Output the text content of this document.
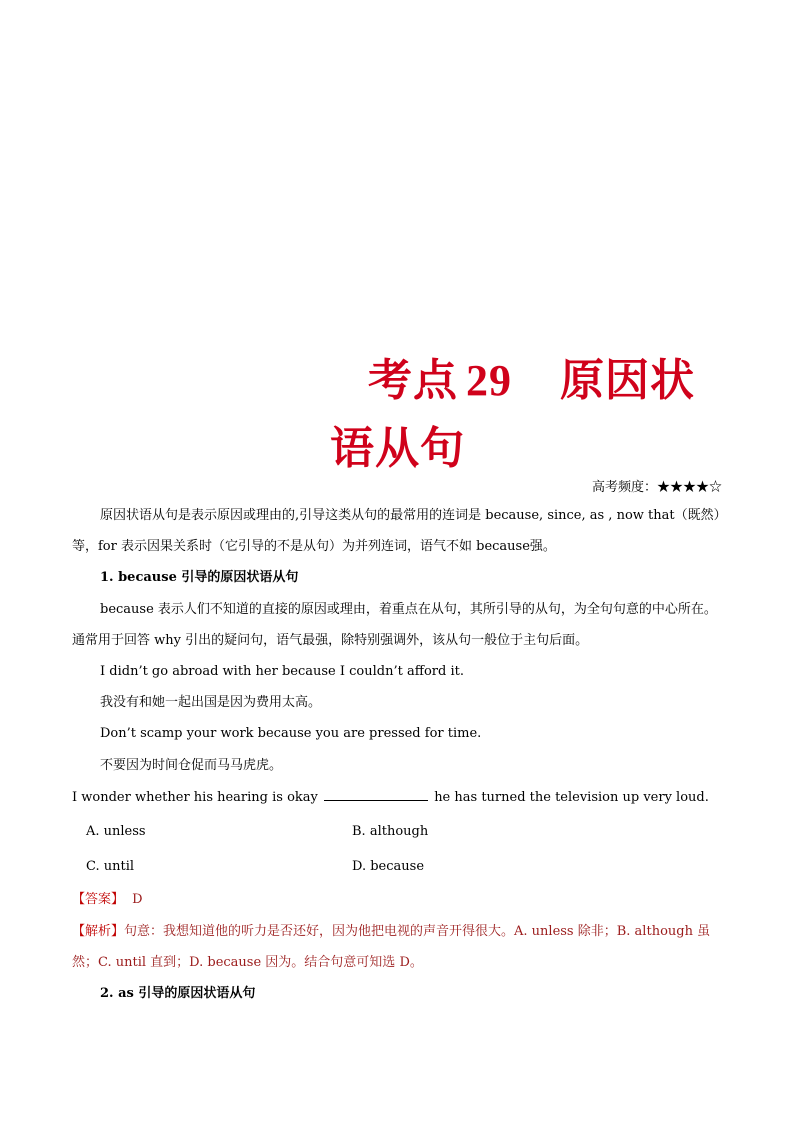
考点 29 原因状
语从句
高考频度：★★★★☆
原因状语从句是表示原因或理由的,引导这类从句的最常用的连词是 because, since, as , now that（既然）等，for 表示因果关系时（它引导的不是从句）为并列连词，语气不如 because强。
1. because 引导的原因状语从句
because 表示人们不知道的直接的原因或理由，着重点在从句，其所引导的从句，为全句句意的中心所在。通常用于回答 why 引出的疑问句，语气最强，除特别强调外，该从句一般位于主句后面。
I didn’t go abroad with her because I couldn’t afford it.
我没有和她一起出国是因为费用太高。
Don’t scamp your work because you are pressed for time.
不要因为时间仓促而马马虎虎。
I wonder whether his hearing is okay	he has turned the television up very loud.
A. unless	B. although
C. until	D. because
【答案】 D
【解析】句意：我想知道他的听力是否还好，因为他把电视的声音开得很大。A. unless 除非；B. although 虽然；C. until 直到；D. because 因为。结合句意可知选 D。
2. as 引导的原因状语从句
